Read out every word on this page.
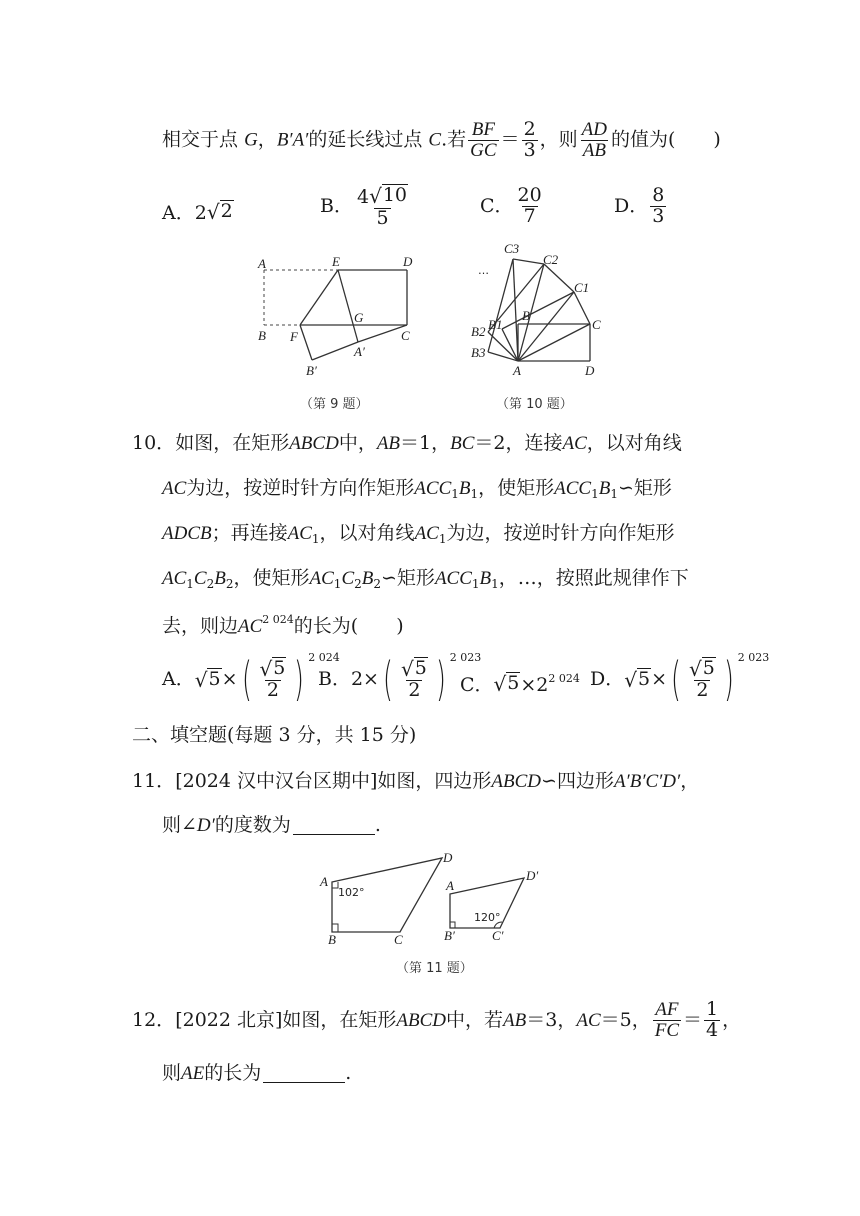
相交于点 G，B′A′的延长线过点 C.若 $\frac{BF}{GC} = \frac{2}{3}$ ，则 $\frac{AD}{AB}$ 的值为(　　)
A．2 √ 2	B． $\frac{4 √ 10}{5}$	C． $\frac{20}{7}$	D． $\frac{8}{3}$
A	E	D
B F
G
C
A′
B′
（第 9 题）
…
C3
C2
C1
B
C
B2 B1
B3
A	D
（第 10 题）
10．如图，在矩形ABCD中，AB＝1，BC＝2，连接AC，以对角线
AC为边，按逆时针方向作矩形$ACC_1B_1$，使矩形$ACC_1B_1∽$矩形
ADCB；再连接$AC_1$，以对角线$AC_1$为边，按逆时针方向作矩形
$AC_1C_2B_2$，使矩形$AC_1C_2B_2∽$矩形$ACC_1B_1$，…，按照此规律作下
去，则边$AC^{2 024}$的长为(　　)
A． √ 5 × ( $\frac{√ 5}{2}$ ) 2 024
B． 2× ( $\frac{√ 5}{2}$ ) 2 023
C． √ $5 \times 2^{2 024}$ D． √ 5 × ( $\frac{√ 5}{2}$ ) 2 023
二、填空题(每题 3 分，共 15 分)
11．[2024 汉中汉台区期中]如图，四边形ABCD∽四边形A′B′C′D′，
则∠D′的度数为	.
102°
A
D
B	C
120°
A
D′
B′	C′
（第 11 题）
12． [2022 北京]如图，在矩形 ABCD 中，若 AB ＝3， AC ＝5， $\frac{AF}{FC} = \frac{1}{4}$ ，
则AE的长为	.
